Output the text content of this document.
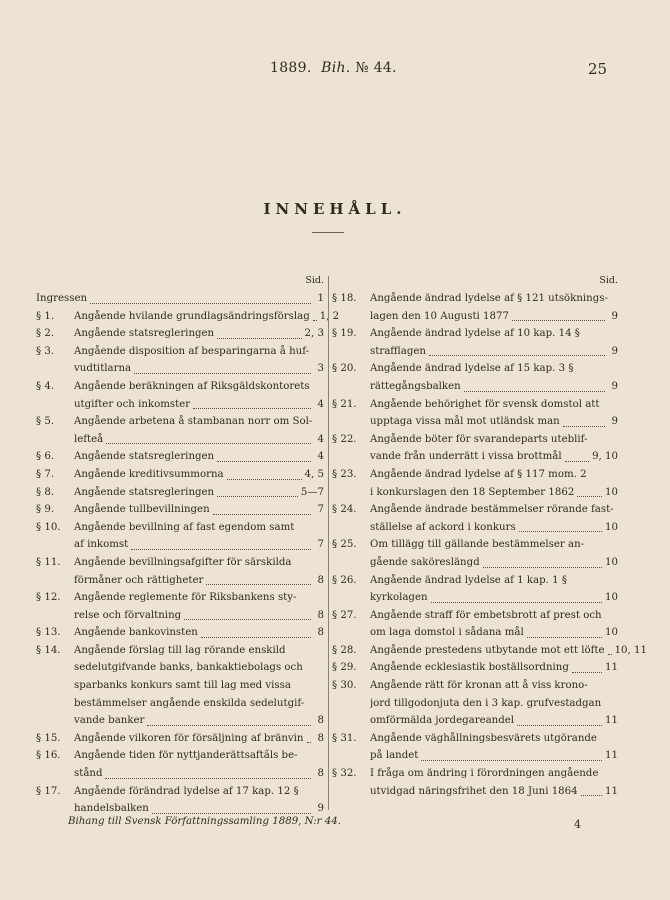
1889. Bih. № 44.	25
INNEHÅLL.
Sid.
Ingressen	1
§ 1.	Angående hvilande grundlagsändringsförslag 1, 2
§ 2.	Angående statsregleringen	2, 3
§ 3.	Angående disposition af besparingarna å huf-
vudtitlarna	3
§ 4.	Angående beräkningen af Riksgäldskontorets
utgifter och inkomster	4
§ 5.	Angående arbetena å stambanan norr om Sol-
lefteå	4
§ 6.	Angående statsregleringen	4
§ 7.	Angående kreditivsummorna	4, 5
§ 8.	Angående statsregleringen	5—7
§ 9.	Angående tullbevillningen	7
§ 10.	Angående bevillning af fast egendom samt
af inkomst	7
§ 11.	Angående bevillningsafgifter för särskilda
förmåner och rättigheter	8
§ 12.	Angående reglemente för Riksbankens sty-
relse och förvaltning	8
§ 13.	Angående bankovinsten	8
§ 14.	Angående förslag till lag rörande enskild
sedelutgifvande banks, bankaktiebolags och
sparbanks konkurs samt till lag med vissa
bestämmelser angående enskilda sedelutgif-
vande banker	8
§ 15.	Angående vilkoren för försäljning af bränvin	8
§ 16.	Angående tiden för nyttjanderättsafta̋ls be-
stånd	8
§ 17.	Angående förändrad lydelse af 17 kap. 12 §
handelsbalken	9
Sid.
§ 18.	Angående ändrad lydelse af § 121 utsöknings-
lagen den 10 Augusti 1877	9
§ 19.	Angående ändrad lydelse af 10 kap. 14 §
strafflagen	9
§ 20.	Angående ändrad lydelse af 15 kap. 3 §
rättegångsbalken	9
§ 21.	Angående behörighet för svensk domstol att
upptaga vissa mål mot utländsk man	9
§ 22.	Angående böter för svarandeparts uteblif-
vande från underrätt i vissa brottmål	9, 10
§ 23.	Angående ändrad lydelse af § 117 mom. 2
i konkurslagen den 18 September 1862	10
§ 24.	Angående ändrade bestämmelser rörande fast-
ställelse af ackord i konkurs	10
§ 25.	Om tillägg till gällande bestämmelser an-
gående saköreslängd	10
§ 26.	Angående ändrad lydelse af 1 kap. 1 §
kyrkolagen	10
§ 27.	Angående straff för embetsbrott af prest och
om laga domstol i sådana mål	10
§ 28.	Angående prestedens utbytande mot ett löfte 10, 11
§ 29.	Angående ecklesiastik boställsordning	11
§ 30.	Angående rätt för kronan att å viss krono-
jord tillgodonjuta den i 3 kap. grufvestadgan
omförmälda jordegareandel	11
§ 31.	Angående väghållningsbesvärets utgörande
på landet	11
§ 32.	I fråga om ändring i förordningen angående
utvidgad näringsfrihet den 18 Juni 1864	11
Bihang till Svensk Författningssamling 1889, N:r 44.	4
